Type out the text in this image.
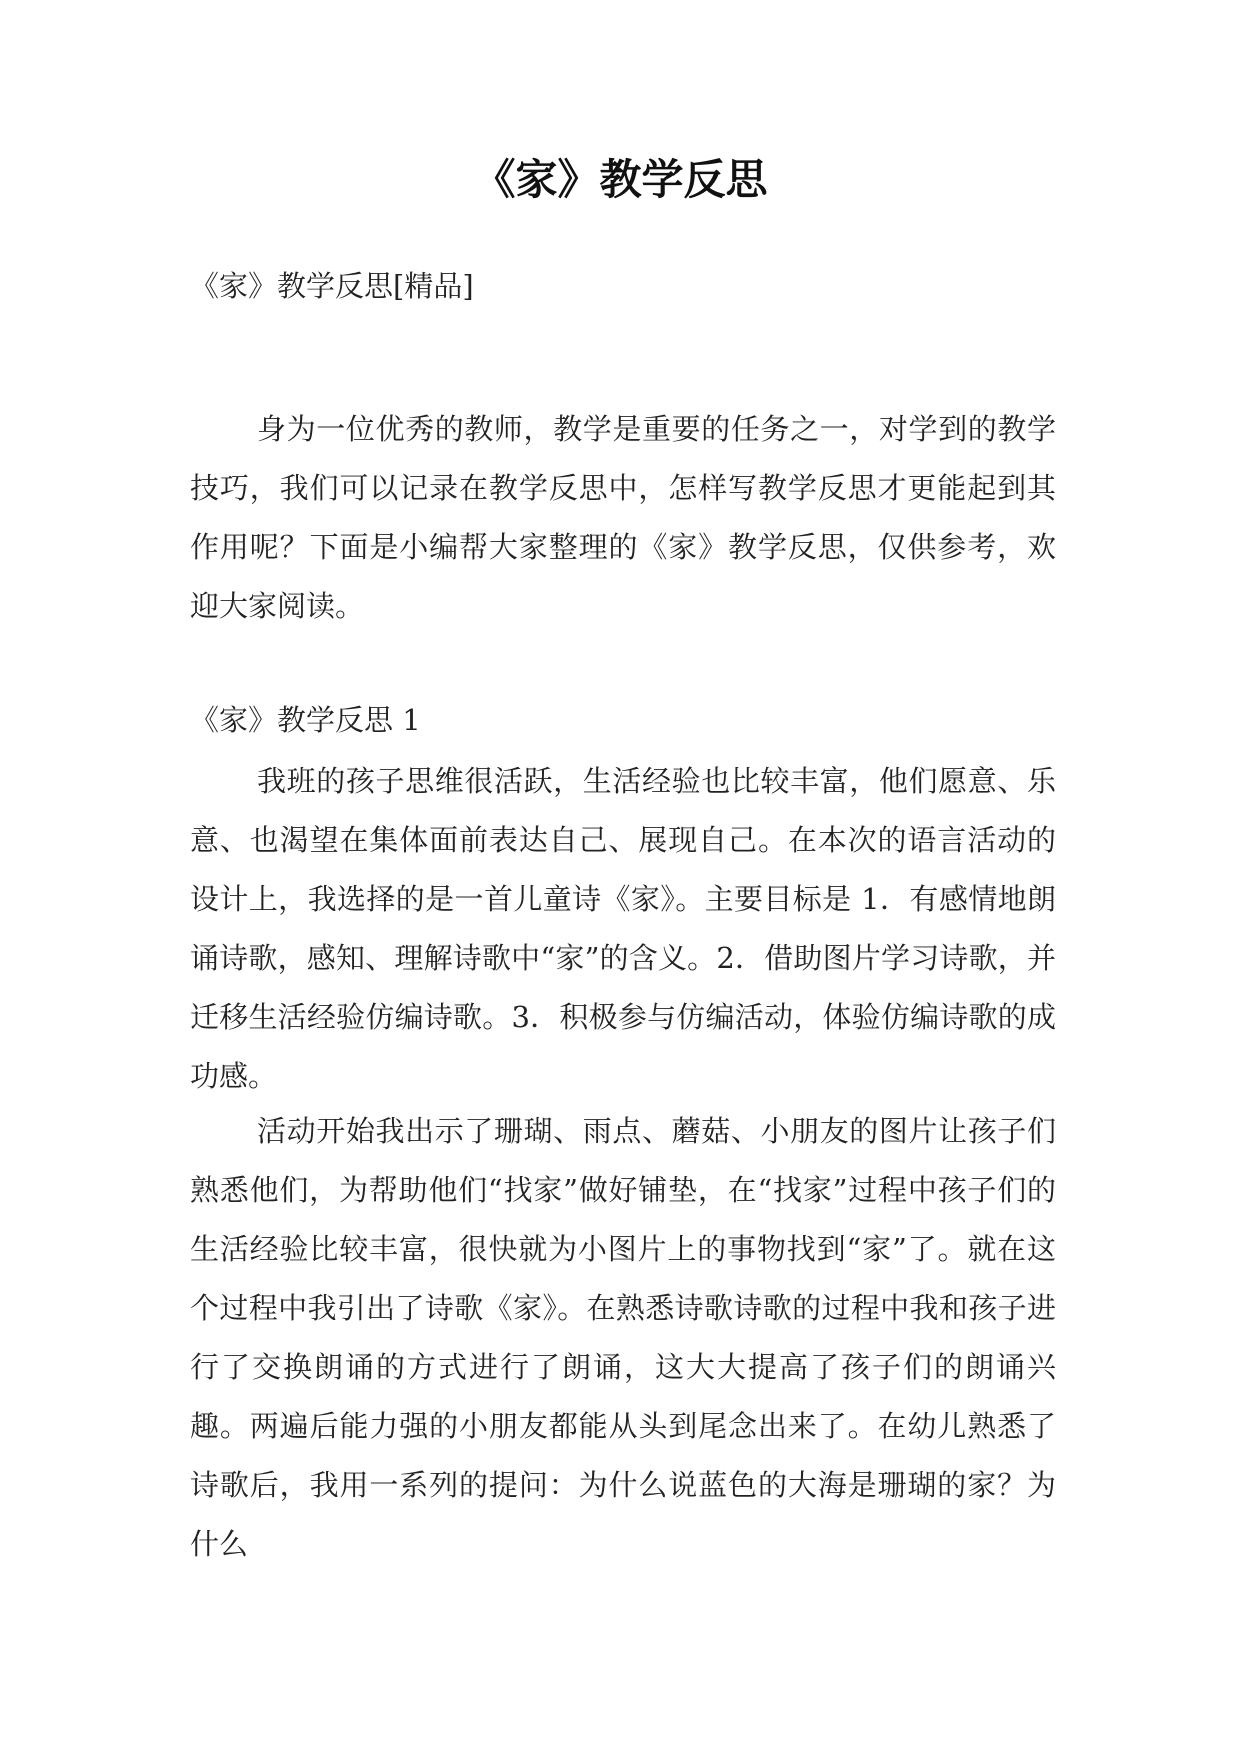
《家》教学反思

《家》教学反思[精品]

身为一位优秀的教师，教学是重要的任务之一，对学到的教学技巧，我们可以记录在教学反思中，怎样写教学反思才更能起到其作用呢？下面是小编帮大家整理的《家》教学反思，仅供参考，欢迎大家阅读。

《家》教学反思 1

我班的孩子思维很活跃，生活经验也比较丰富，他们愿意、乐意、也渴望在集体面前表达自己、展现自己。在本次的语言活动的设计上，我选择的是一首儿童诗《家》。主要目标是 1．有感情地朗诵诗歌，感知、理解诗歌中“家”的含义。2．借助图片学习诗歌，并迁移生活经验仿编诗歌。3．积极参与仿编活动，体验仿编诗歌的成功感。

活动开始我出示了珊瑚、雨点、蘑菇、小朋友的图片让孩子们熟悉他们，为帮助他们“找家”做好铺垫，在“找家”过程中孩子们的生活经验比较丰富，很快就为小图片上的事物找到“家”了。就在这个过程中我引出了诗歌《家》。在熟悉诗歌诗歌的过程中我和孩子进行了交换朗诵的方式进行了朗诵，这大大提高了孩子们的朗诵兴趣。两遍后能力强的小朋友都能从头到尾念出来了。在幼儿熟悉了诗歌后，我用一系列的提问：为什么说蓝色的大海是珊瑚的家？为什么
